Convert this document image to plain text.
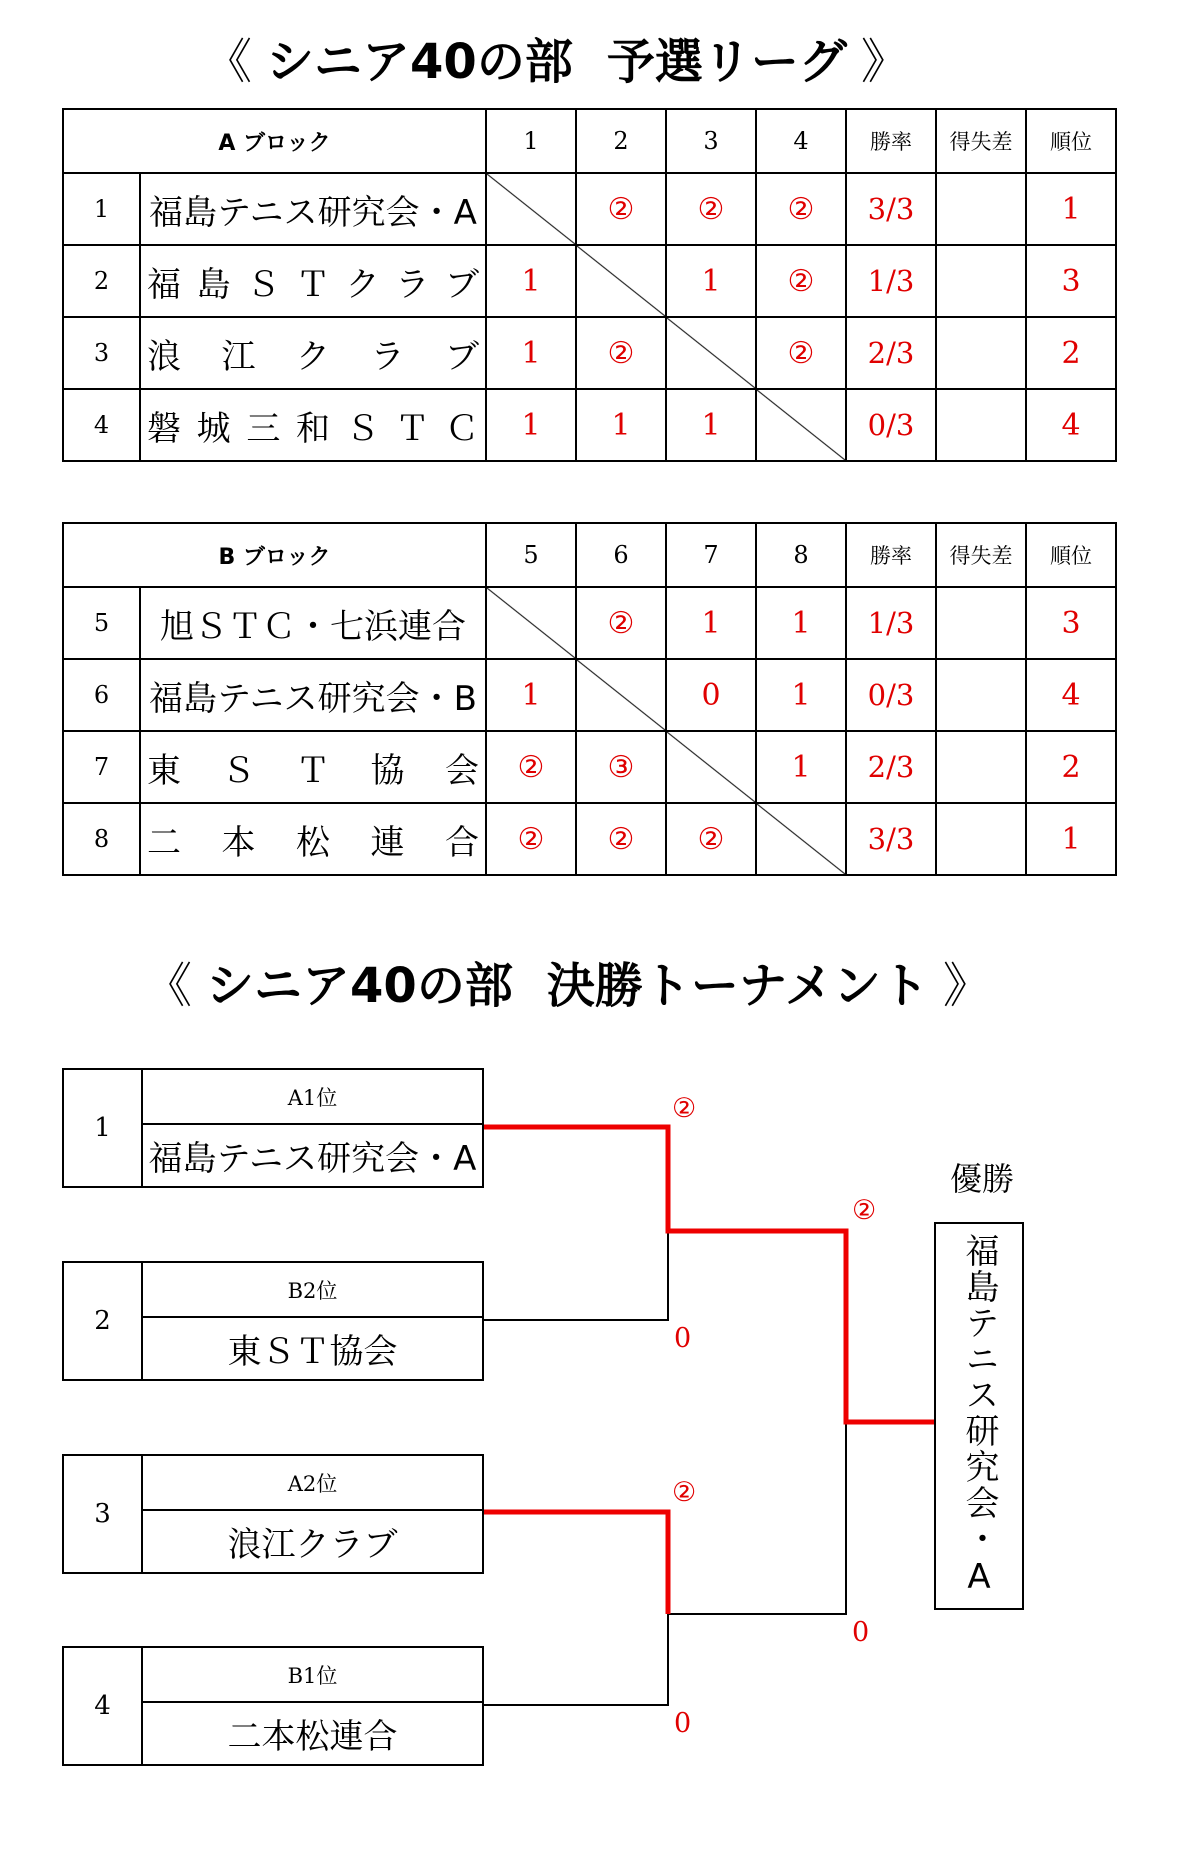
《 シニア40の部 予選リーグ 》
A ブロック		1	2	3	4	勝率	得失差	順位
1	福島テニス研究会・A		②	②	②	3/3		1
2	福島ＳＴクラブ	1		1	②	1/3		3
3	浪江クラブ	1	②		②	2/3		2
4	磐城三和ＳＴＣ	1	1	1		0/3		4
B ブロック		5	6	7	8	勝率	得失差	順位
5	旭ＳＴＣ・七浜連合		②	1	1	1/3		3
6	福島テニス研究会・B	1		0	1	0/3		4
7	東ＳＴ協会	②	③		1	2/3		2
8	二本松連合	②	②	②		3/3		1
《 シニア40の部 決勝トーナメント 》
1
A1位
福島テニス研究会・A
2
B2位
東ＳＴ協会
3
A2位
浪江クラブ
4
B1位
二本松連合
②
0
②
0
②
0
優勝
福島テニス研究会・A
